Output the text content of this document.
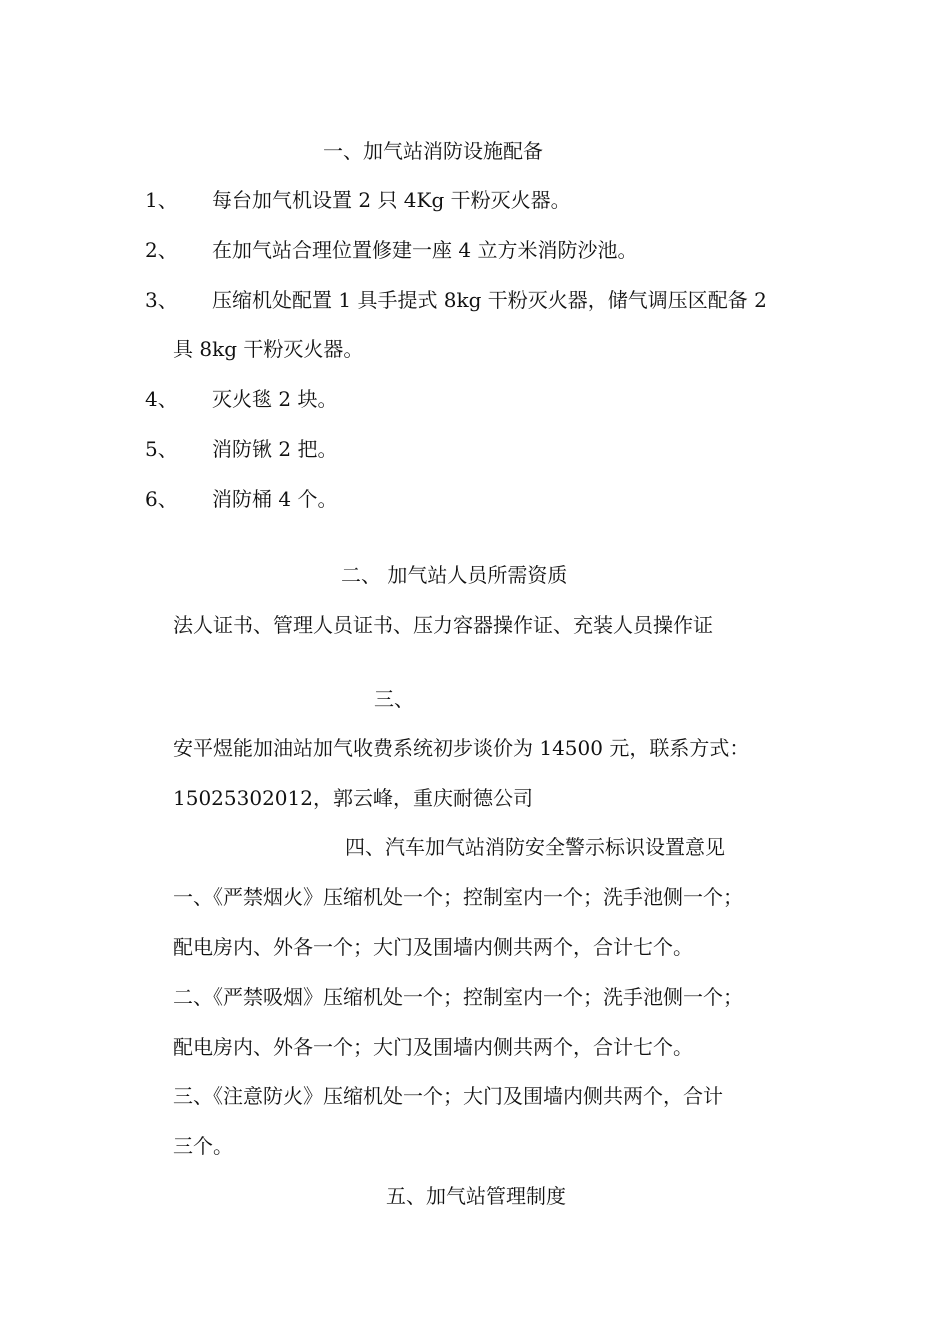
一、加气站消防设施配备
1、	每台加气机设置 2 只 4Kg 干粉灭火器。
2、	在加气站合理位置修建一座 4 立方米消防沙池。
3、	压缩机处配置 1 具手提式 8kg 干粉灭火器，储气调压区配备 2
具 8kg 干粉灭火器。
4、	灭火毯 2 块。
5、	消防锹 2 把。
6、	消防桶 4 个。
二、 加气站人员所需资质
法人证书、管理人员证书、压力容器操作证、充装人员操作证
三、
安平煜能加油站加气收费系统初步谈价为 14500 元，联系方式：
15025302012，郭云峰，重庆耐德公司
四、汽车加气站消防安全警示标识设置意见
一、《严禁烟火》压缩机处一个；控制室内一个；洗手池侧一个；
配电房内、外各一个；大门及围墙内侧共两个，合计七个。
二、《严禁吸烟》压缩机处一个；控制室内一个；洗手池侧一个；
配电房内、外各一个；大门及围墙内侧共两个，合计七个。
三、《注意防火》压缩机处一个；大门及围墙内侧共两个，合计
三个。
五、加气站管理制度
